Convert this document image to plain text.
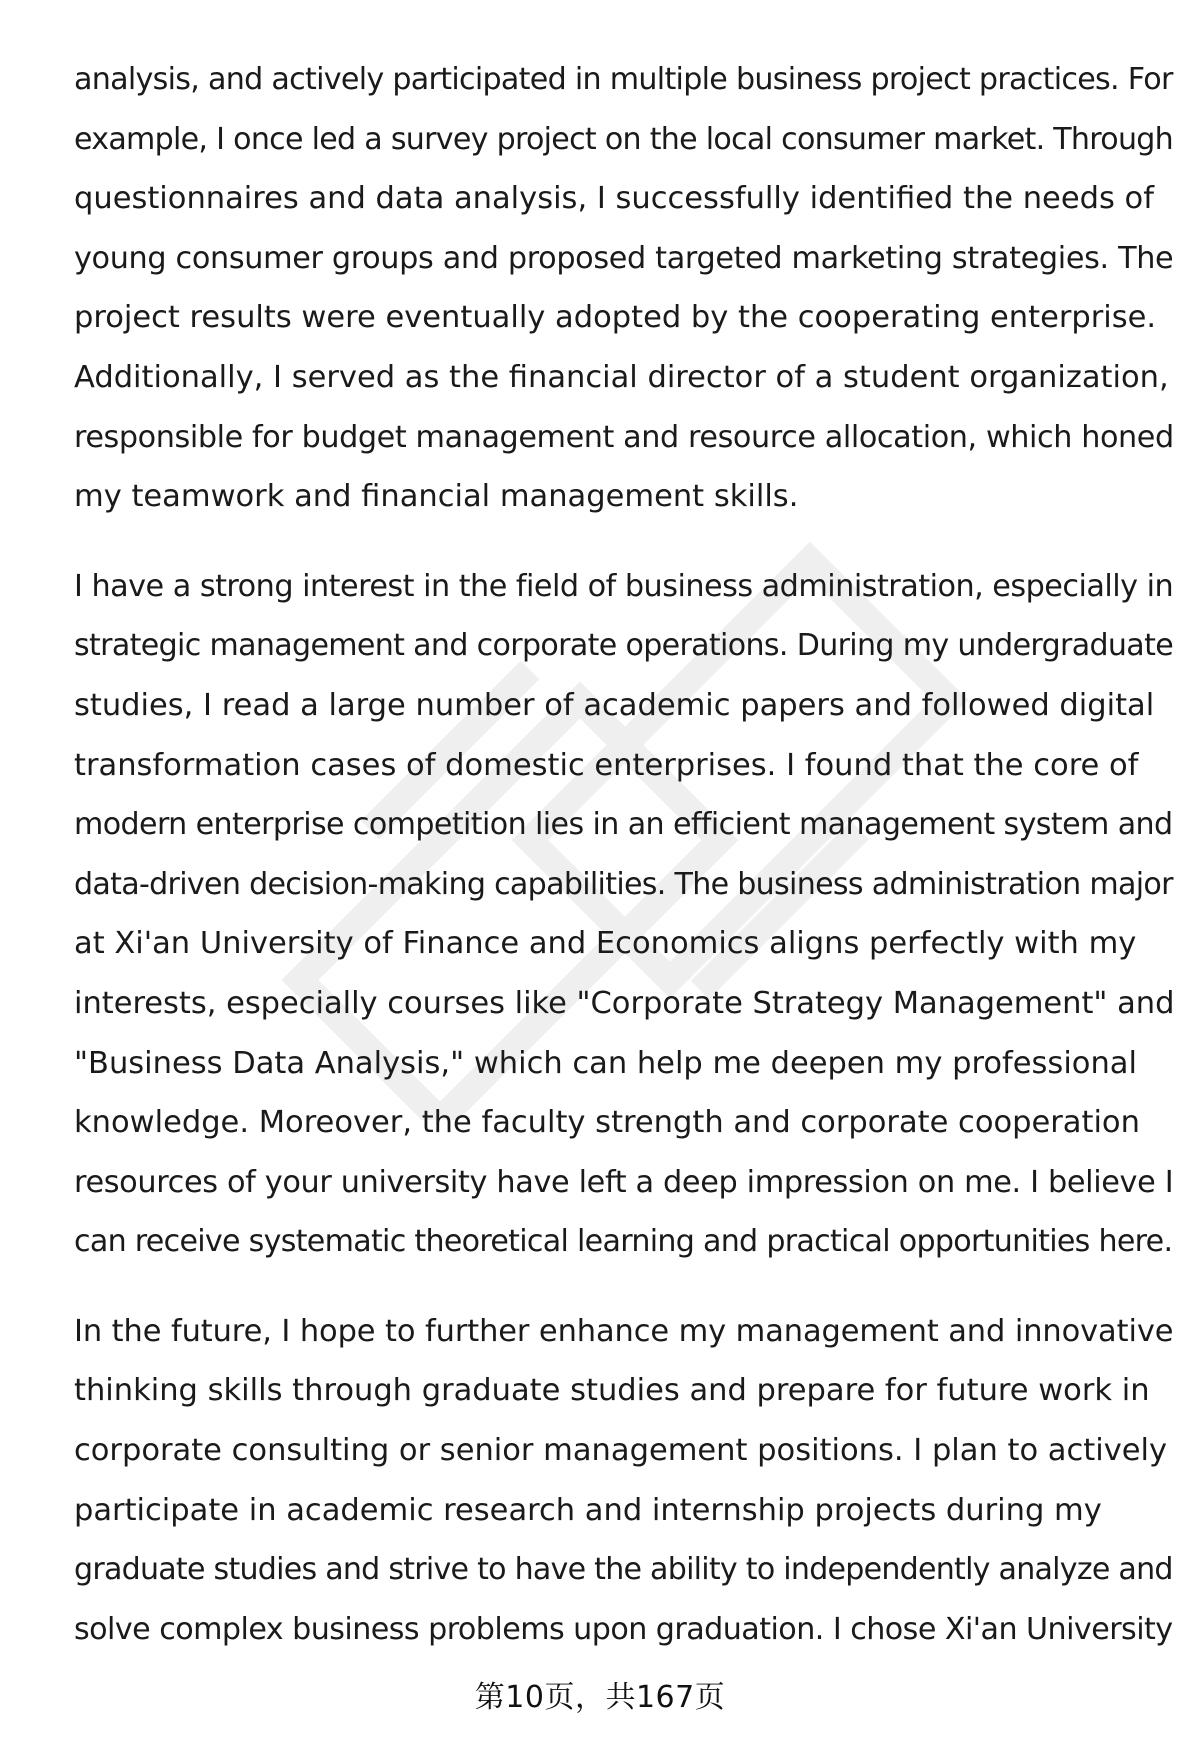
analysis, and actively participated in multiple business project practices. For
example, I once led a survey project on the local consumer market. Through
questionnaires and data analysis, I successfully identified the needs of
young consumer groups and proposed targeted marketing strategies. The
project results were eventually adopted by the cooperating enterprise.
Additionally, I served as the financial director of a student organization,
responsible for budget management and resource allocation, which honed
my teamwork and financial management skills.

I have a strong interest in the field of business administration, especially in
strategic management and corporate operations. During my undergraduate
studies, I read a large number of academic papers and followed digital
transformation cases of domestic enterprises. I found that the core of
modern enterprise competition lies in an efficient management system and
data-driven decision-making capabilities. The business administration major
at Xi'an University of Finance and Economics aligns perfectly with my
interests, especially courses like "Corporate Strategy Management" and
"Business Data Analysis," which can help me deepen my professional
knowledge. Moreover, the faculty strength and corporate cooperation
resources of your university have left a deep impression on me. I believe I
can receive systematic theoretical learning and practical opportunities here.

In the future, I hope to further enhance my management and innovative
thinking skills through graduate studies and prepare for future work in
corporate consulting or senior management positions. I plan to actively
participate in academic research and internship projects during my
graduate studies and strive to have the ability to independently analyze and
solve complex business problems upon graduation. I chose Xi'an University

第10页，共167页
